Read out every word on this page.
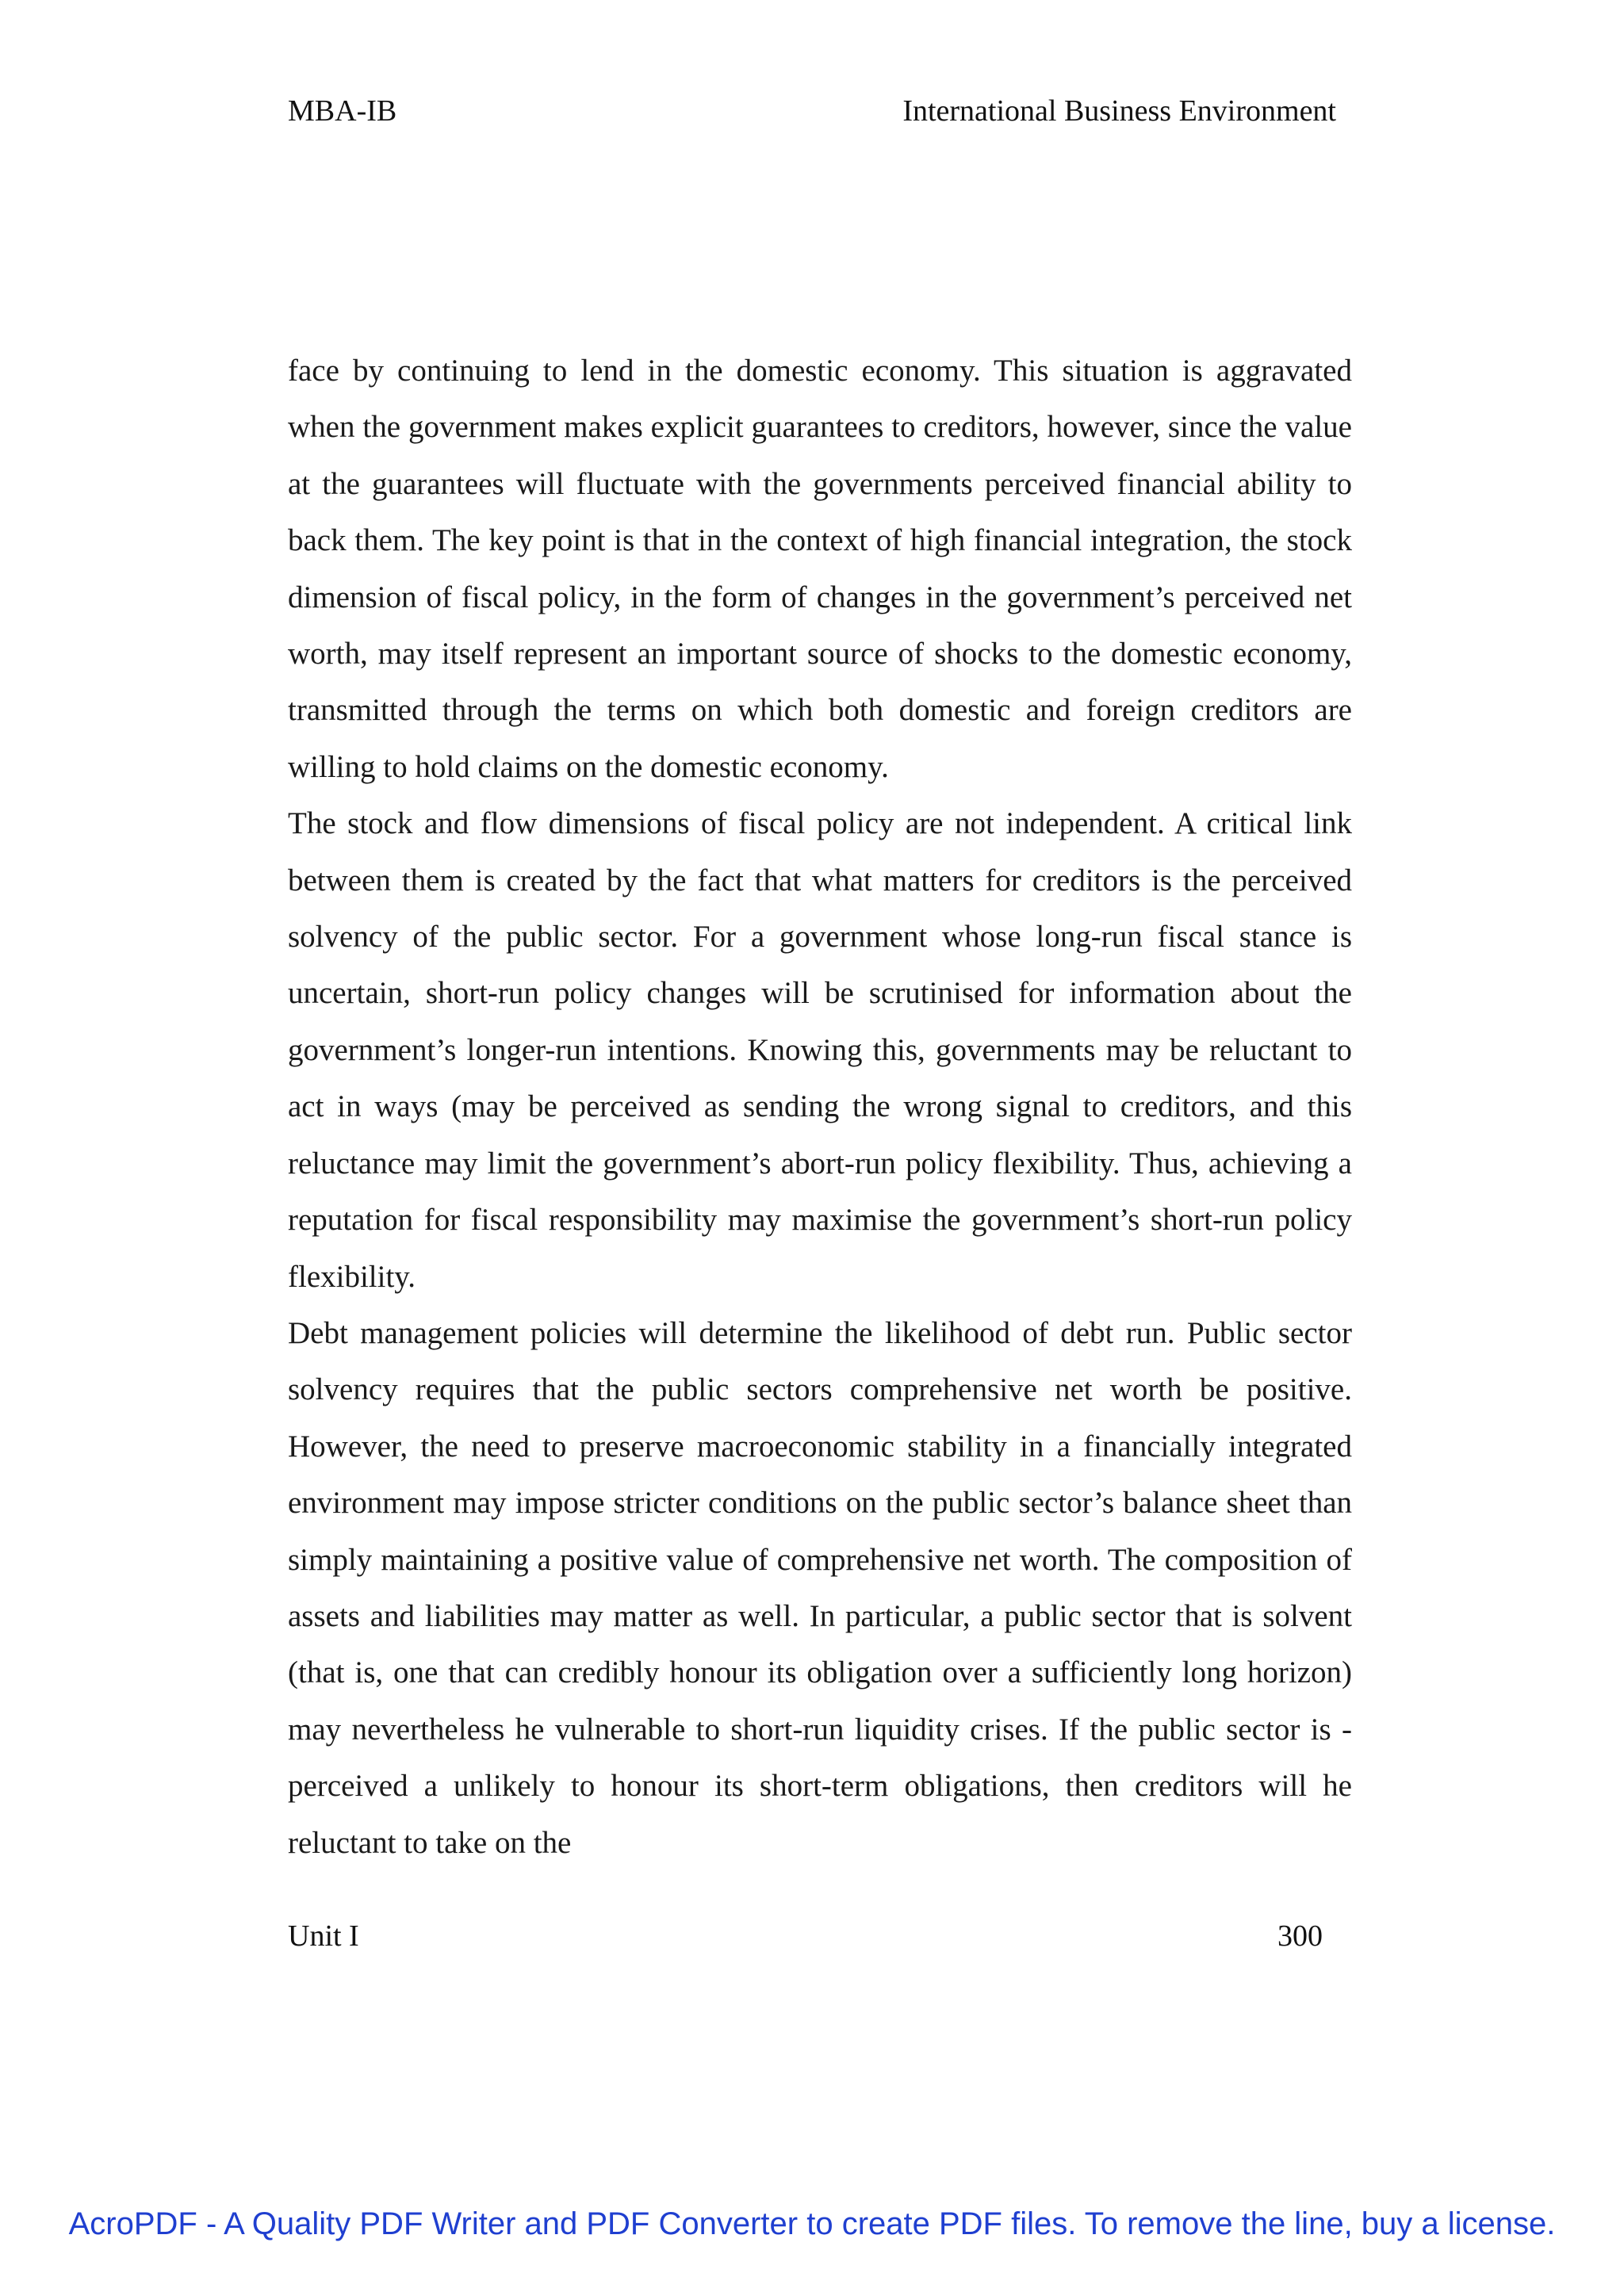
MBA-IB	International Business Environment

face by continuing to lend in the domestic economy. This situation is aggravated when the government makes explicit guarantees to creditors, however, since the value at the guarantees will fluctuate with the governments perceived financial ability to back them. The key point is that in the context of high financial integration, the stock dimension of fiscal policy, in the form of changes in the government’s perceived net worth, may itself represent an important source of shocks to the domestic economy, transmitted through the terms on which both domestic and foreign creditors are willing to hold claims on the domestic economy.

The stock and flow dimensions of fiscal policy are not independent. A critical link between them is created by the fact that what matters for creditors is the perceived solvency of the public sector. For a government whose long-run fiscal stance is uncertain, short-run policy changes will be scrutinised for information about the government’s longer-run intentions. Knowing this, governments may be reluctant to act in ways (may be perceived as sending the wrong signal to creditors, and this reluctance may limit the government’s abort-run policy flexibility. Thus, achieving a reputation for fiscal responsibility may maximise the government’s short-run policy flexibility.

Debt management policies will determine the likelihood of debt run. Public sector solvency requires that the public sectors comprehensive net worth be positive. However, the need to preserve macroeconomic stability in a financially integrated environment may impose stricter conditions on the public sector’s balance sheet than simply maintaining a positive value of comprehensive net worth. The composition of assets and liabilities may matter as well. In particular, a public sector that is solvent (that is, one that can credibly honour its obligation over a sufficiently long horizon) may nevertheless he vulnerable to short-run liquidity crises. If the public sector is - perceived a unlikely to honour its short-term obligations, then creditors will he reluctant to take on the

Unit I	300
AcroPDF - A Quality PDF Writer and PDF Converter to create PDF files. To remove the line, buy a license.
